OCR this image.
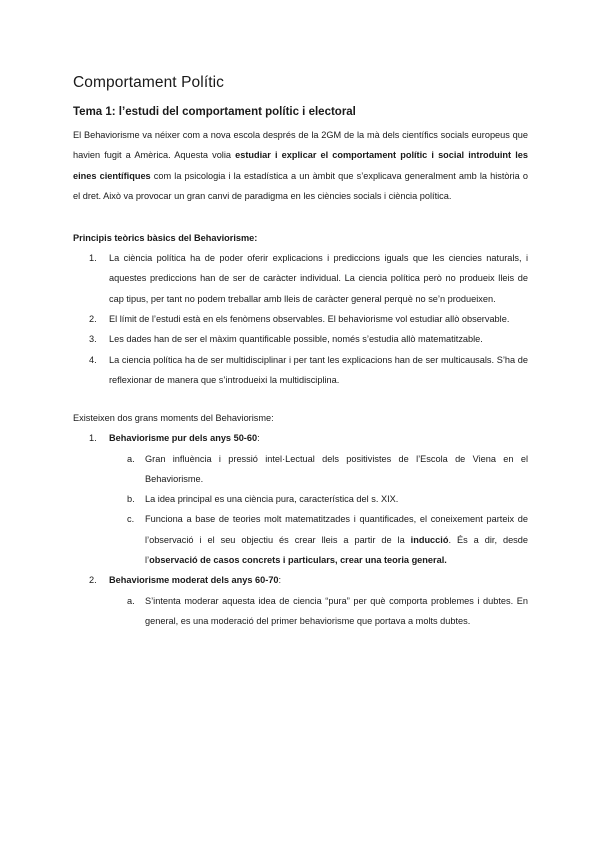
Comportament Polític
Tema 1: l’estudi del comportament polític i electoral

El Behaviorisme va néixer com a nova escola després de la 2GM de la mà dels científics socials europeus que havien fugit a Amèrica. Aquesta volia estudiar i explicar el comportament polític i social introduint les eines científiques com la psicologia i la estadística a un àmbit que s’explicava generalment amb la història o el dret. Això va provocar un gran canvi de paradigma en les ciències socials i ciència política.

Principis teòrics bàsics del Behaviorisme:

1. La ciència política ha de poder oferir explicacions i prediccions iguals que les ciencies naturals, i aquestes prediccions han de ser de caràcter individual. La ciencia política però no produeix lleis de cap tipus, per tant no podem treballar amb lleis de caràcter general perquè no se’n produeixen.
2. El límit de l’estudi està en els fenòmens observables. El behaviorisme vol estudiar allò observable.
3. Les dades han de ser el màxim quantificable possible, només s’estudia allò matematitzable.
4. La ciencia política ha de ser multidisciplinar i per tant les explicacions han de ser multicausals. S’ha de reflexionar de manera que s’introdueixi la multidisciplina.

Existeixen dos grans moments del Behaviorisme:

1. Behaviorisme pur dels anys 50-60:
a. Gran influència i pressió intel·Lectual dels positivistes de l’Escola de Viena en el Behaviorisme.
b. La idea principal es una ciència pura, característica del s. XIX.
c. Funciona a base de teories molt matematitzades i quantificades, el coneixement parteix de l’observació i el seu objectiu és crear lleis a partir de la inducció. És a dir, desde l’observació de casos concrets i particulars, crear una teoria general.
2. Behaviorisme moderat dels anys 60-70:
a. S’intenta moderar aquesta idea de ciencia “pura” per què comporta problemes i dubtes. En general, es una moderació del primer behaviorisme que portava a molts dubtes.
